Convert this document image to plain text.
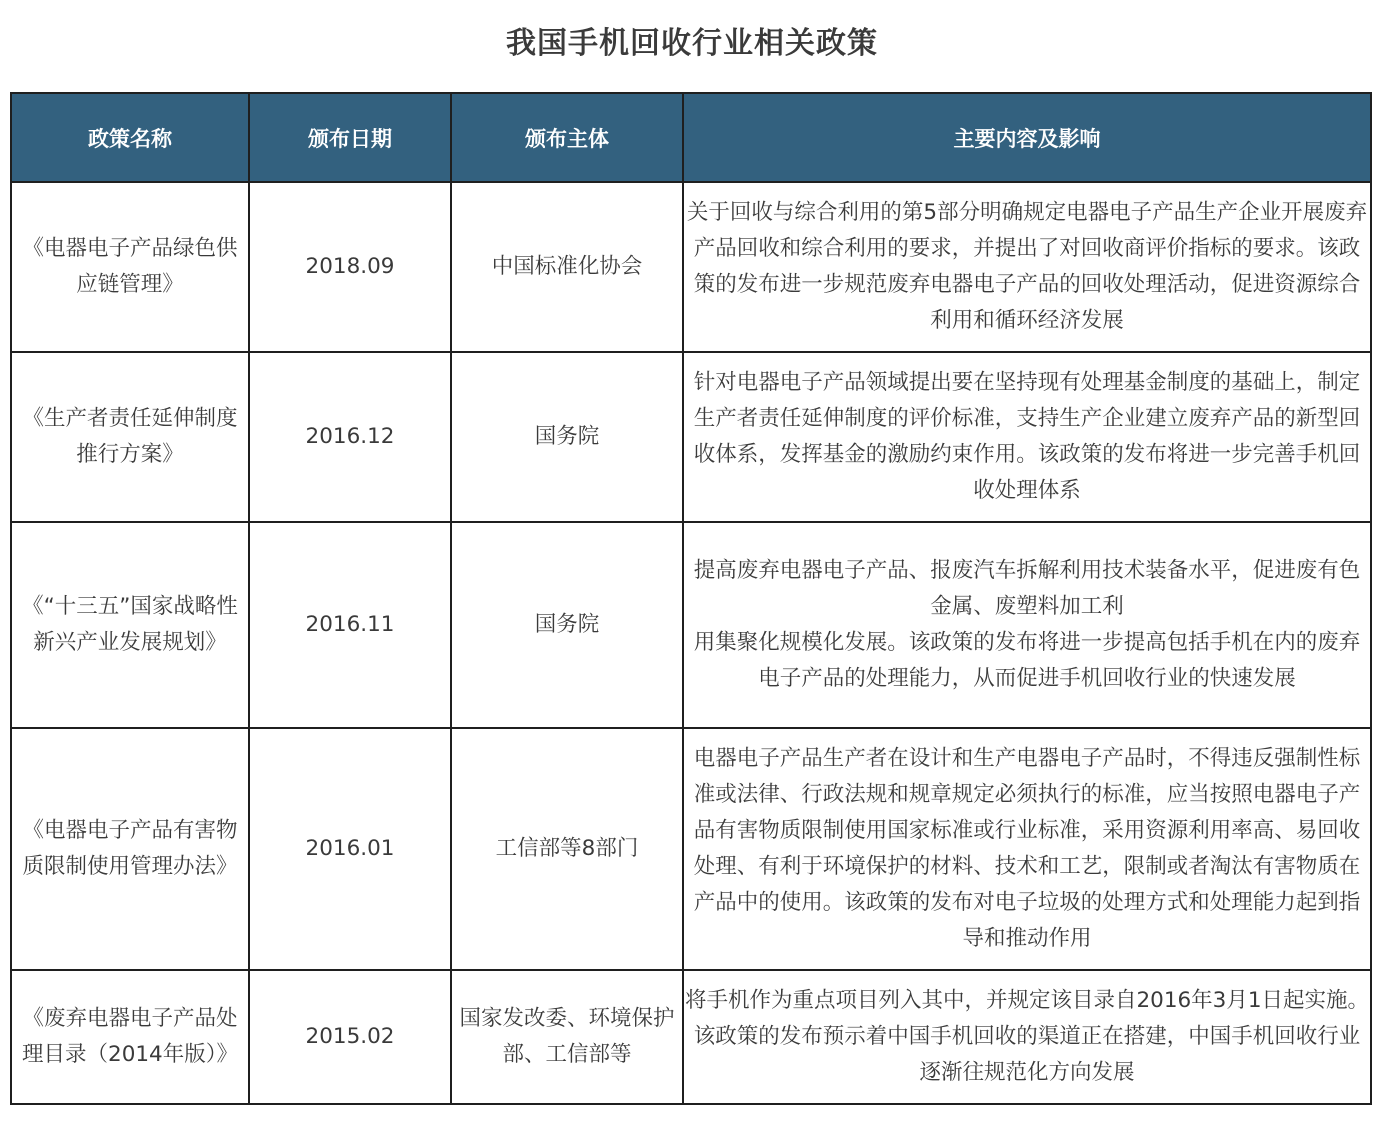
我国手机回收行业相关政策
政策名称	颁布日期	颁布主体	主要内容及影响
《电器电子产品绿色供应链管理》	2018.09	中国标准化协会	关于回收与综合利用的第5部分明确规定电器电子产品生产企业开展废弃产品回收和综合利用的要求，并提出了对回收商评价指标的要求。该政策的发布进一步规范废弃电器电子产品的回收处理活动，促进资源综合利用和循环经济发展
《生产者责任延伸制度推行方案》	2016.12	国务院	针对电器电子产品领域提出要在坚持现有处理基金制度的基础上，制定生产者责任延伸制度的评价标准，支持生产企业建立废弃产品的新型回收体系，发挥基金的激励约束作用。该政策的发布将进一步完善手机回收处理体系
《“十三五”国家战略性新兴产业发展规划》	2016.11	国务院	提高废弃电器电子产品、报废汽车拆解利用技术装备水平，促进废有色金属、废塑料加工利
用集聚化规模化发展。该政策的发布将进一步提高包括手机在内的废弃电子产品的处理能力，从而促进手机回收行业的快速发展
《电器电子产品有害物质限制使用管理办法》	2016.01	工信部等8部门	电器电子产品生产者在设计和生产电器电子产品时，不得违反强制性标准或法律、行政法规和规章规定必须执行的标准，应当按照电器电子产品有害物质限制使用国家标准或行业标准，采用资源利用率高、易回收处理、有利于环境保护的材料、技术和工艺，限制或者淘汰有害物质在产品中的使用。该政策的发布对电子垃圾的处理方式和处理能力起到指导和推动作用
《废弃电器电子产品处理目录（2014年版）》	2015.02	国家发改委、环境保护部、工信部等	将手机作为重点项目列入其中，并规定该目录自2016年3月1日起实施。该政策的发布预示着中国手机回收的渠道正在搭建，中国手机回收行业逐渐往规范化方向发展
